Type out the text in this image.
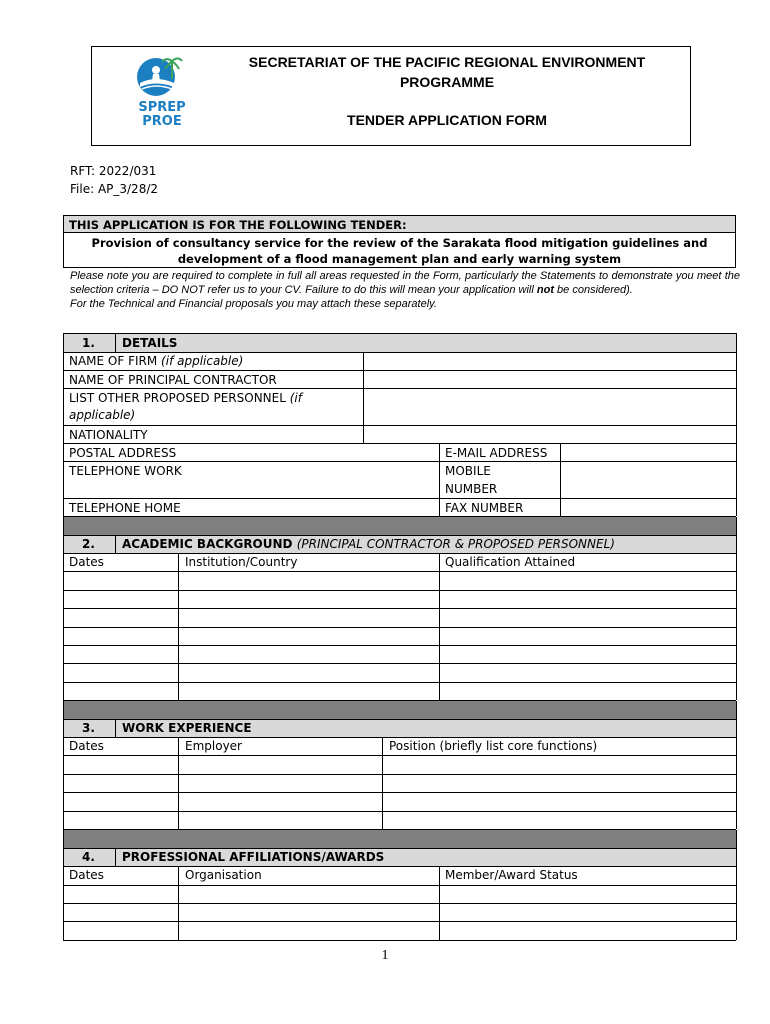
SPREP
PROE
SECRETARIAT OF THE PACIFIC REGIONAL ENVIRONMENT PROGRAMME
TENDER APPLICATION FORM
RFT: 2022/031
File: AP_3/28/2
THIS APPLICATION IS FOR THE FOLLOWING TENDER:
Provision of consultancy service for the review of the Sarakata flood mitigation guidelines and
development of a flood management plan and early warning system
Please note you are required to complete in full all areas requested in the Form, particularly the Statements to demonstrate you meet the selection criteria – DO NOT refer us to your CV. Failure to do this will mean your application will not be considered).
For the Technical and Financial proposals you may attach these separately.
1. DETAILS
NAME OF FIRM (if applicable)
NAME OF PRINCIPAL CONTRACTOR
LIST OTHER PROPOSED PERSONNEL (if
applicable)
NATIONALITY
POSTAL ADDRESS	E-MAIL ADDRESS
TELEPHONE WORK	MOBILE
NUMBER
TELEPHONE HOME	FAX NUMBER
2. ACADEMIC BACKGROUND (PRINCIPAL CONTRACTOR & PROPOSED PERSONNEL)
Dates	Institution/Country	Qualification Attained
3. WORK EXPERIENCE
Dates	Employer	Position (briefly list core functions)
4. PROFESSIONAL AFFILIATIONS/AWARDS
Dates	Organisation	Member/Award Status
1
